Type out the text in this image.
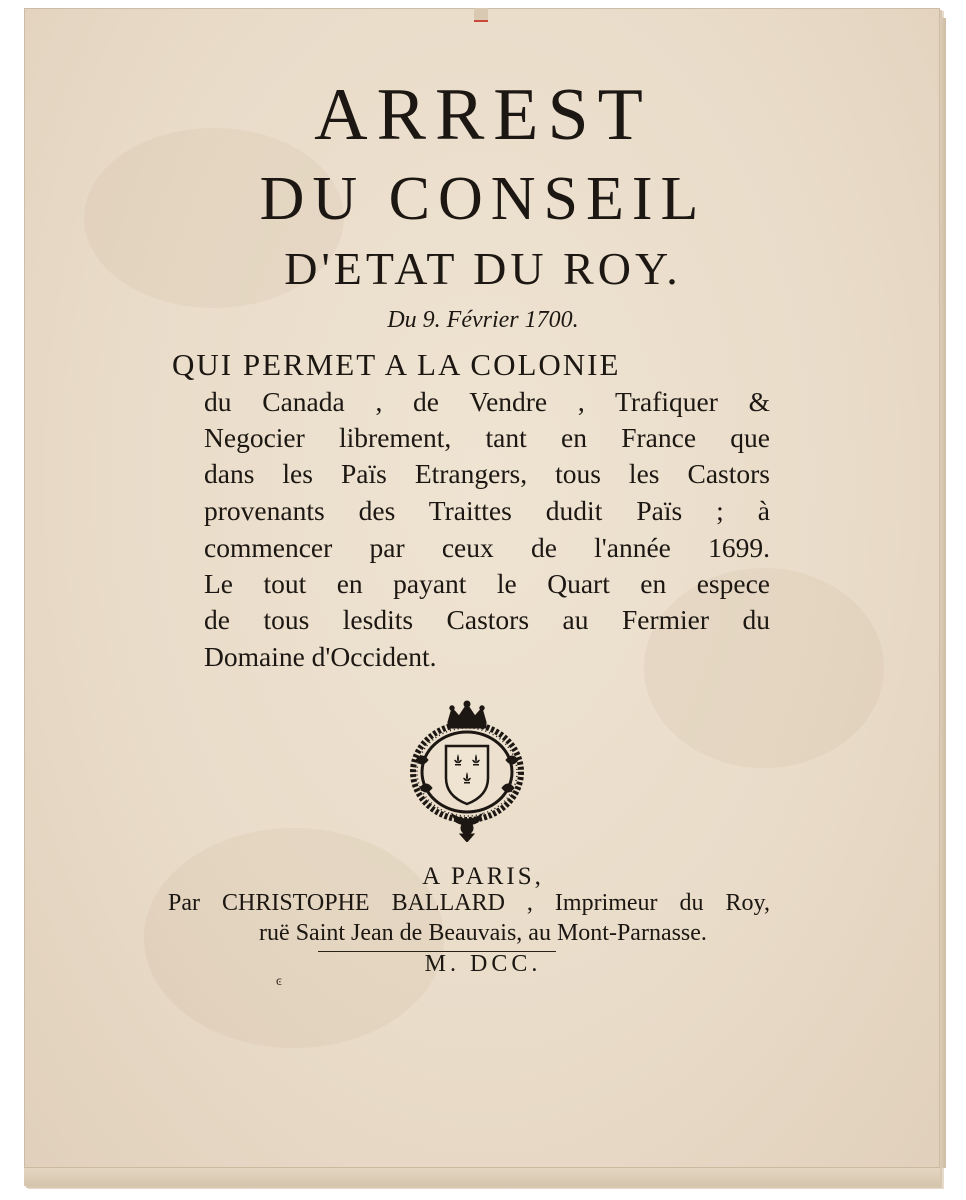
ARREST
DU CONSEIL
D'ETAT DU ROY.
Du 9. Février 1700.
QUI PERMET A LA COLONIE
du Canada , de Vendre , Trafiquer &
Negocier librement, tant en France que
dans les Païs Etrangers, tous les Castors
provenants des Traittes dudit Païs ; à
commencer par ceux de l'année 1699.
Le tout en payant le Quart en espece
de tous lesdits Castors au Fermier du
Domaine d'Occident.
A PARIS,
Par CHRISTOPHE BALLARD , Imprimeur du Roy,
ruë Saint Jean de Beauvais, au Mont-Parnasse.
M. DCC.
ͼ
